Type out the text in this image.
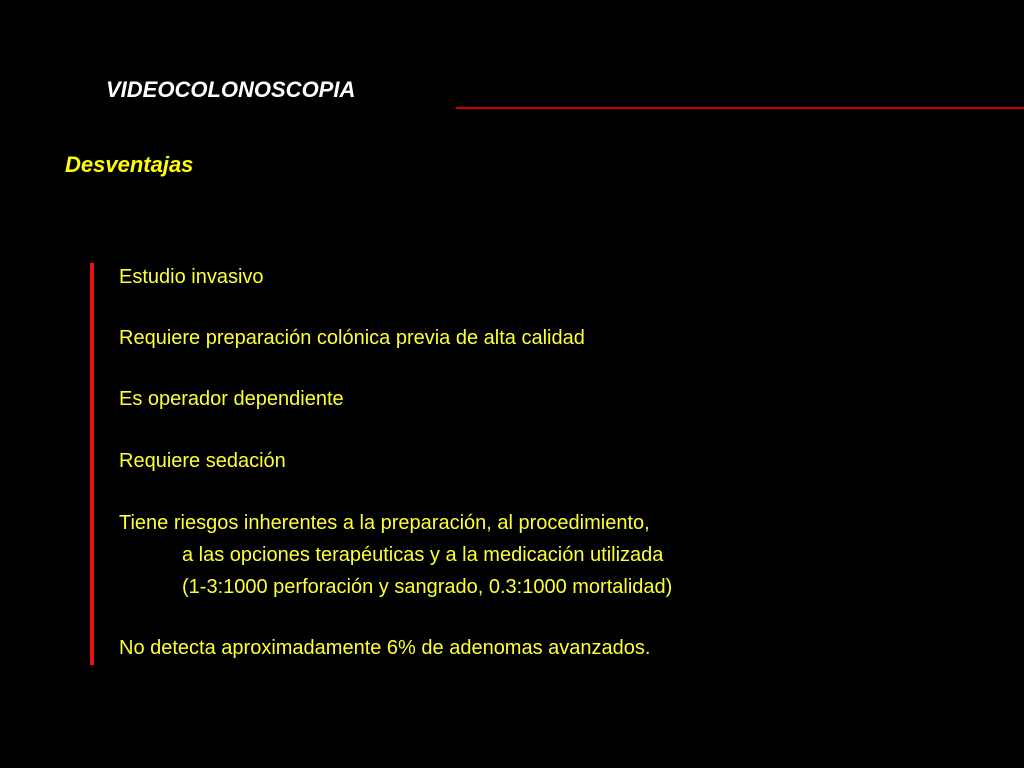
VIDEOCOLONOSCOPIA
Desventajas
Estudio invasivo
Requiere preparación colónica previa de alta calidad
Es operador dependiente
Requiere sedación
Tiene riesgos inherentes a la preparación, al procedimiento,
a las opciones terapéuticas y a la medicación utilizada
(1-3:1000 perforación y sangrado, 0.3:1000 mortalidad)
No detecta aproximadamente 6% de adenomas avanzados.
